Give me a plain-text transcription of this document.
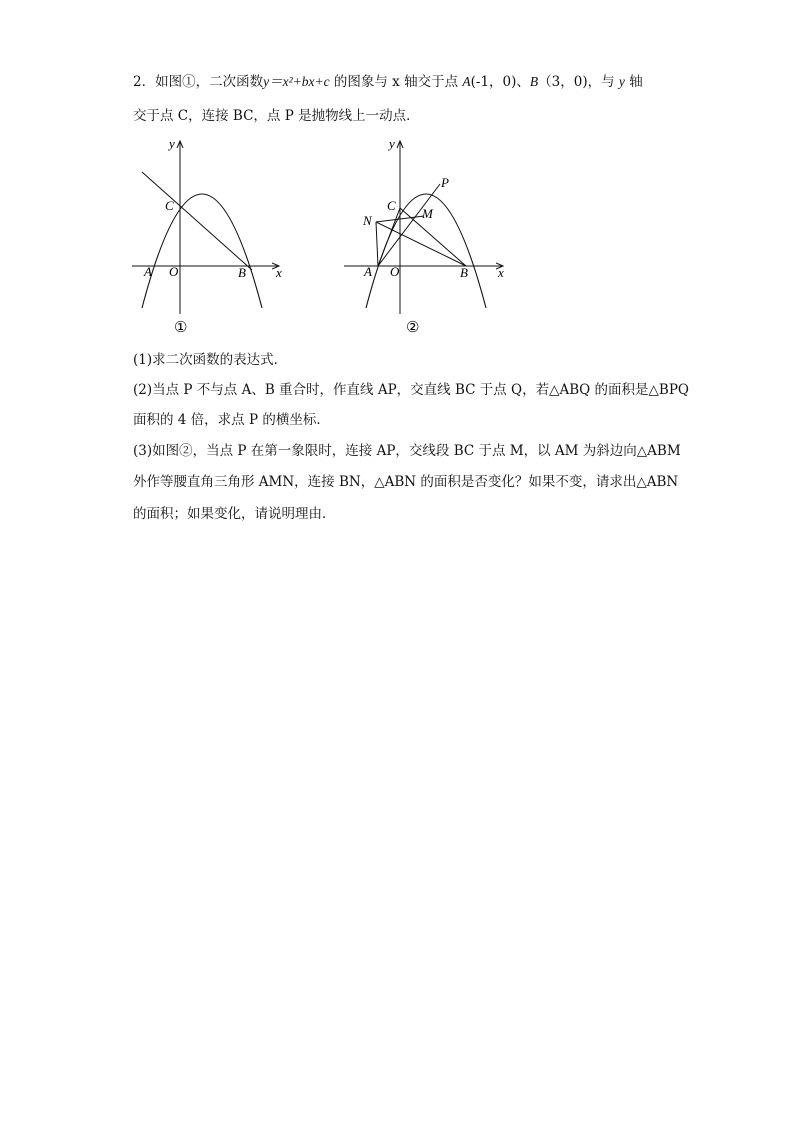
2．如图①，二次函数y＝x²+bx+c 的图象与 x 轴交于点 A(-1，0)、B（3，0)，与 y 轴
交于点 C，连接 BC，点 P 是抛物线上一动点．
y
x
C
A O	B
①
y
x
P
C
M
N
A O	B
②
(1)求二次函数的表达式．
(2)当点 P 不与点 A、B 重合时，作直线 AP，交直线 BC 于点 Q，若△ABQ 的面积是△BPQ
面积的 4 倍，求点 P 的横坐标．
(3)如图②，当点 P 在第一象限时，连接 AP，交线段 BC 于点 M，以 AM 为斜边向△ABM
外作等腰直角三角形 AMN，连接 BN，△ABN 的面积是否变化？如果不变，请求出△ABN
的面积；如果变化，请说明理由．
